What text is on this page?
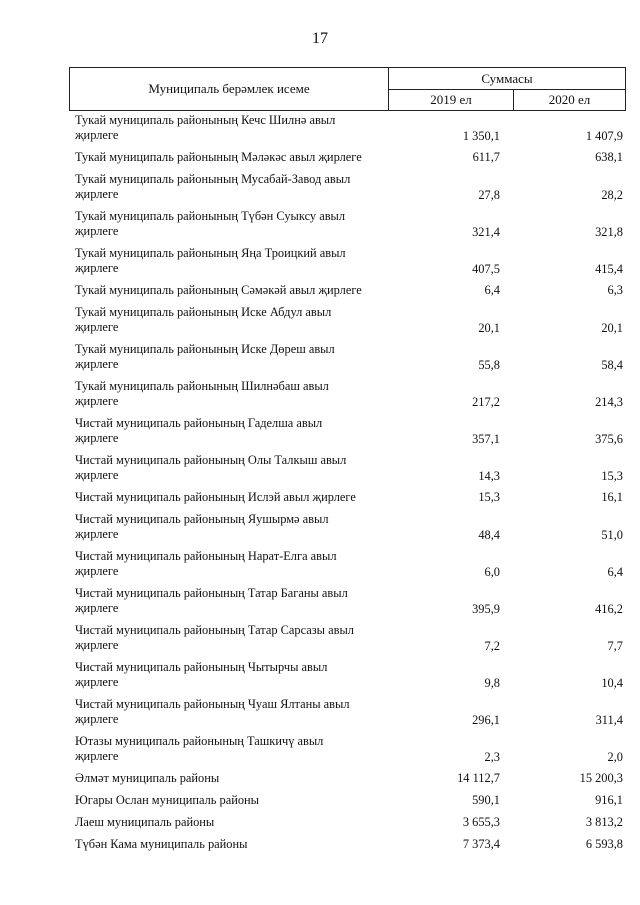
17
Муниципаль берәмлек исеме
Суммасы
2019 ел	2020 ел
Тукай муниципаль районының Кечс Шилнә авыл
җирлеге	1 350,1	1 407,9
Тукай муниципаль районының Мәләкәс авыл җирлеге	611,7	638,1
Тукай муниципаль районының Мусабай-Завод авыл
җирлеге	27,8	28,2
Тукай муниципаль районының Түбән Суыксу авыл
җирлеге	321,4	321,8
Тукай муниципаль районының Яңа Троицкий авыл
җирлеге	407,5	415,4
Тукай муниципаль районының Сәмәкәй авыл җирлеге	6,4	6,3
Тукай муниципаль районының Иске Абдул авыл
җирлеге	20,1	20,1
Тукай муниципаль районының Иске Дөреш авыл
җирлеге	55,8	58,4
Тукай муниципаль районының Шилнәбаш авыл
җирлеге	217,2	214,3
Чистай муниципаль районының Гаделша авыл
җирлеге	357,1	375,6
Чистай муниципаль районының Олы Талкыш авыл
җирлеге	14,3	15,3
Чистай муниципаль районының Ислэй авыл җирлеге	15,3	16,1
Чистай муниципаль районының Яушырмә авыл
җирлеге	48,4	51,0
Чистай муниципаль районының Нарат-Елга авыл
җирлеге	6,0	6,4
Чистай муниципаль районының Татар Баганы авыл
җирлеге	395,9	416,2
Чистай муниципаль районының Татар Сарсазы авыл
җирлеге	7,2	7,7
Чистай муниципаль районының Чытырчы авыл
җирлеге	9,8	10,4
Чистай муниципаль районының Чуаш Ялтаны авыл
җирлеге	296,1	311,4
Ютазы муниципаль районының Ташкичү авыл
җирлеге	2,3	2,0
Әлмәт муниципаль районы	14 112,7	15 200,3
Югары Ослан муниципаль районы	590,1	916,1
Лаеш муниципаль районы	3 655,3	3 813,2
Түбән Кама муниципаль районы	7 373,4	6 593,8
